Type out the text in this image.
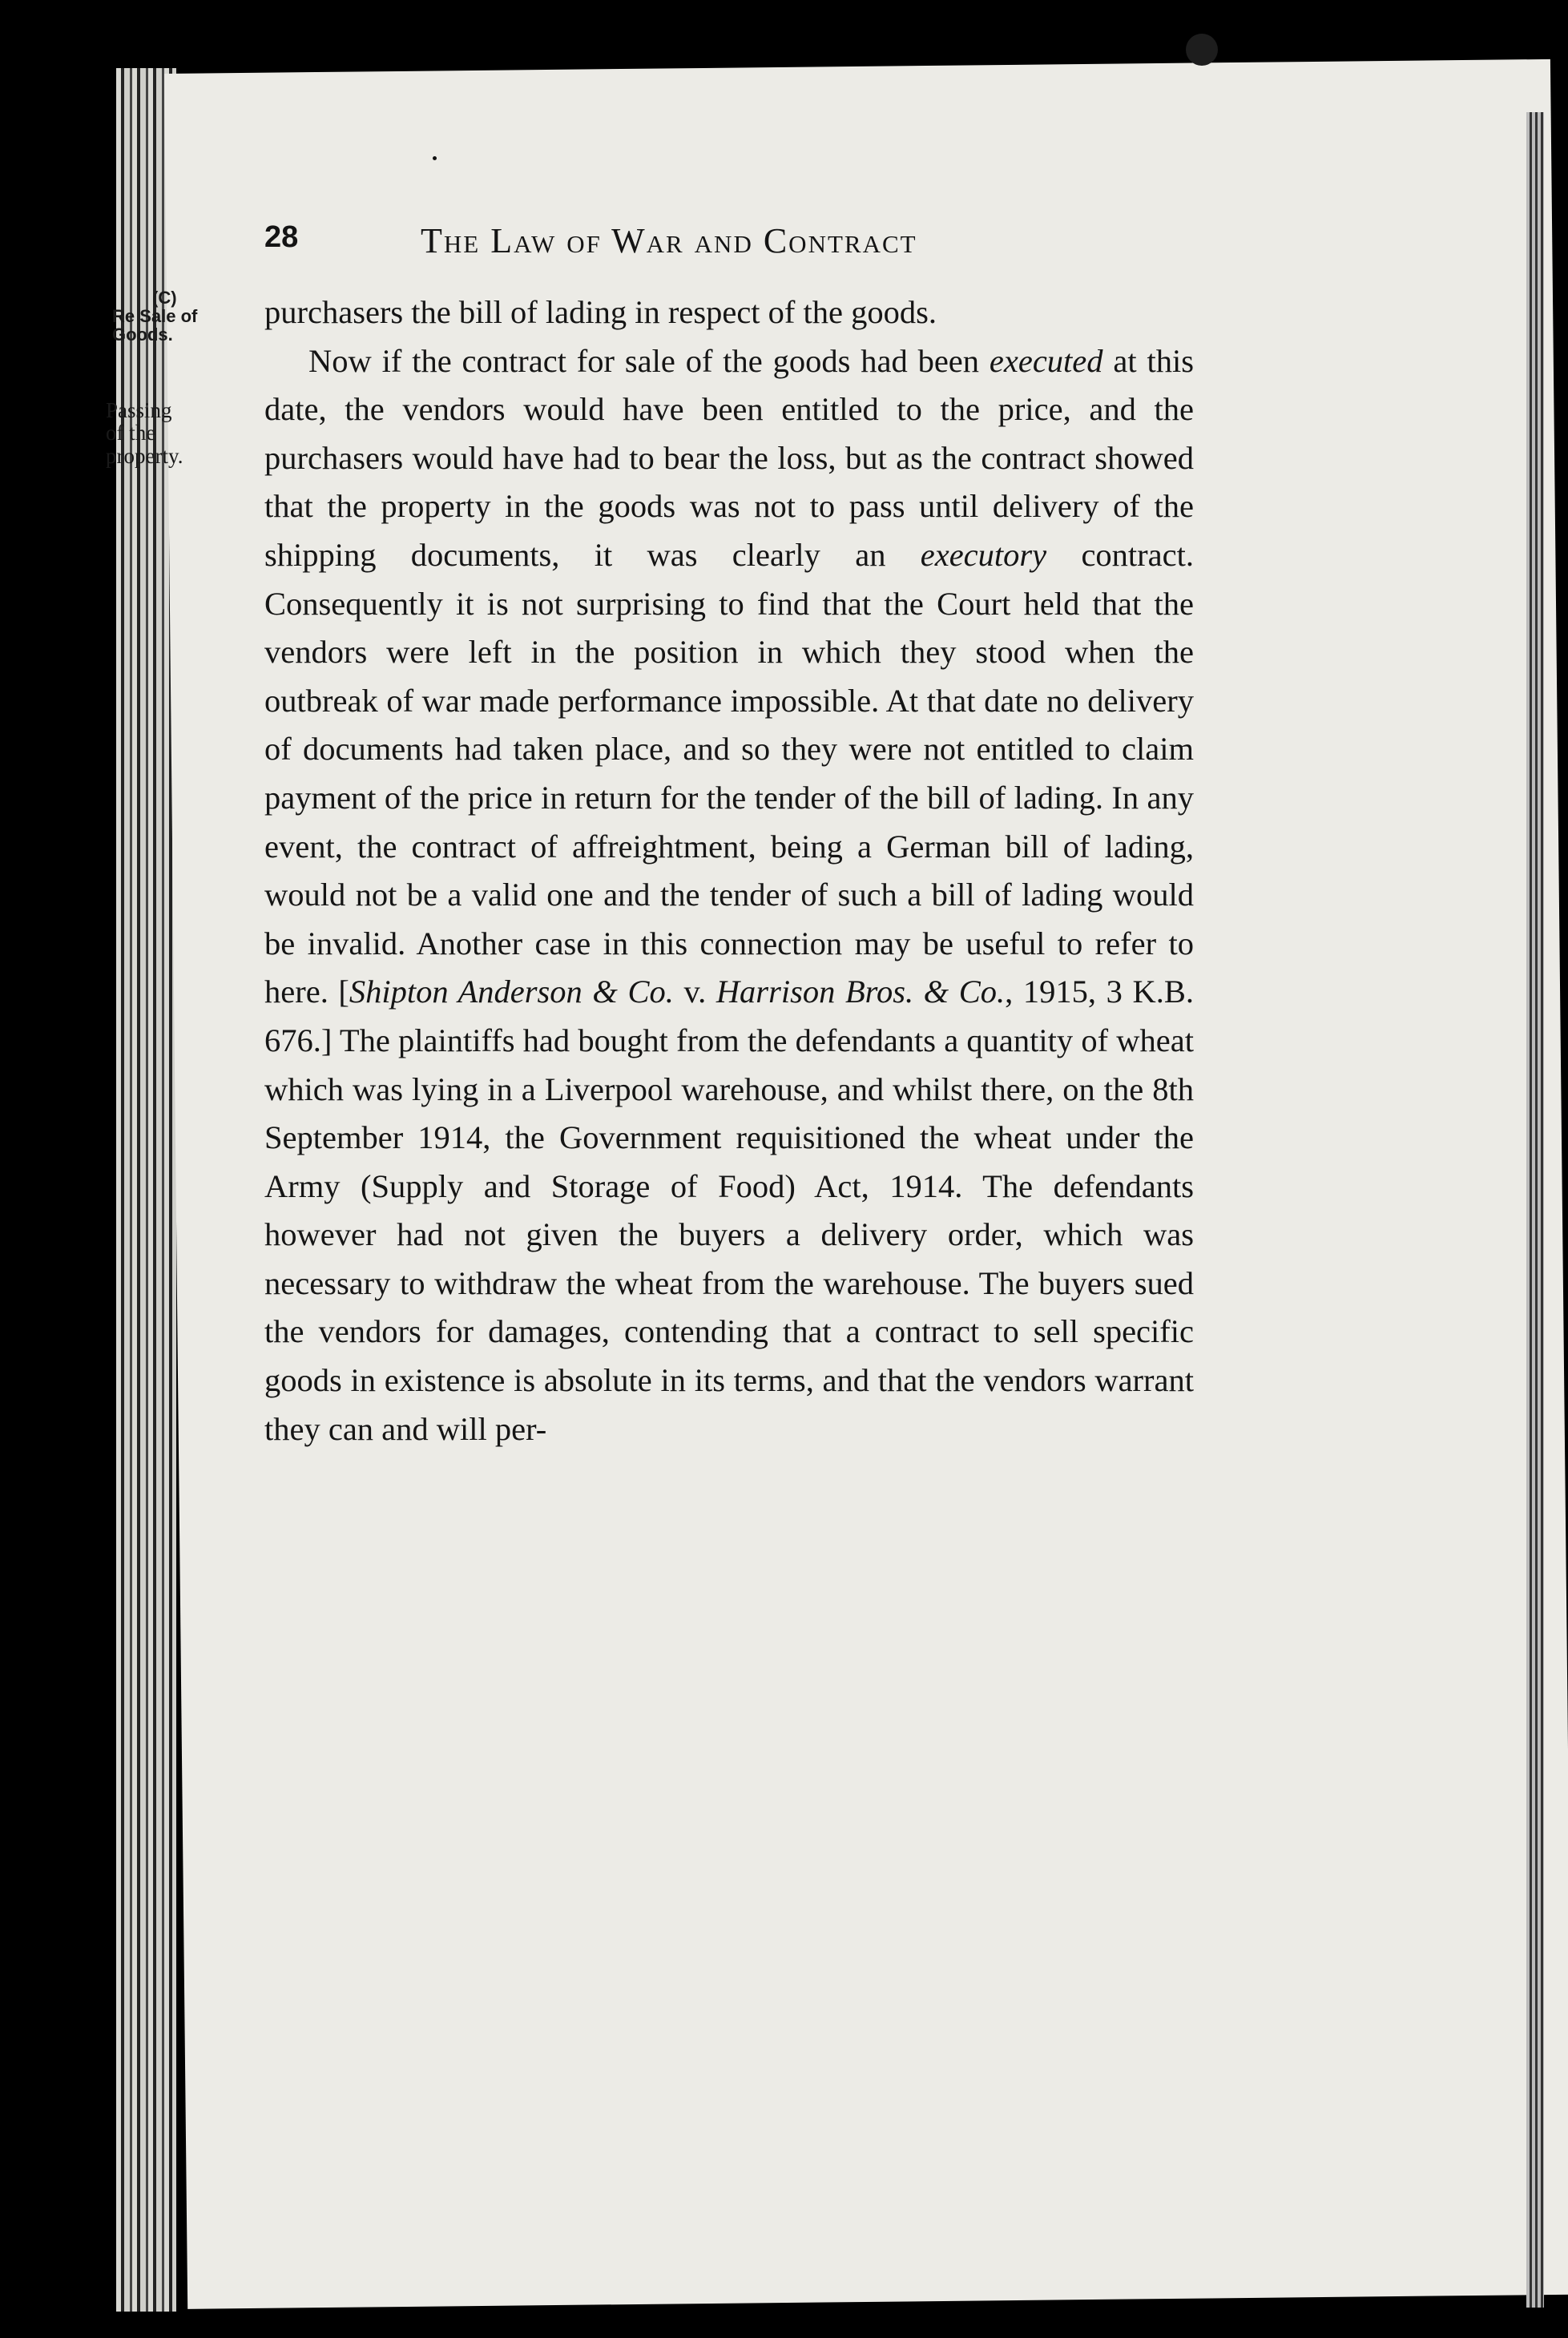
28	The Law of War and Contract
(C)
Re Sale of
Goods.
Passing
of the
property.

purchasers the bill of lading in respect of the goods.

Now if the contract for sale of the goods had been executed at this date, the vendors would have been entitled to the price, and the purchasers would have had to bear the loss, but as the contract showed that the property in the goods was not to pass until delivery of the shipping documents, it was clearly an executory contract. Consequently it is not surprising to find that the Court held that the vendors were left in the position in which they stood when the outbreak of war made performance impossible. At that date no delivery of documents had taken place, and so they were not entitled to claim payment of the price in return for the tender of the bill of lading. In any event, the contract of affreightment, being a German bill of lading, would not be a valid one and the tender of such a bill of lading would be invalid. Another case in this connection may be useful to refer to here. [Shipton Anderson & Co. v. Harrison Bros. & Co., 1915, 3 K.B. 676.] The plaintiffs had bought from the defendants a quantity of wheat which was lying in a Liverpool warehouse, and whilst there, on the 8th September 1914, the Government requisitioned the wheat under the Army (Supply and Storage of Food) Act, 1914. The defendants however had not given the buyers a delivery order, which was necessary to withdraw the wheat from the warehouse. The buyers sued the vendors for damages, contending that a contract to sell specific goods in existence is absolute in its terms, and that the vendors warrant they can and will per-
